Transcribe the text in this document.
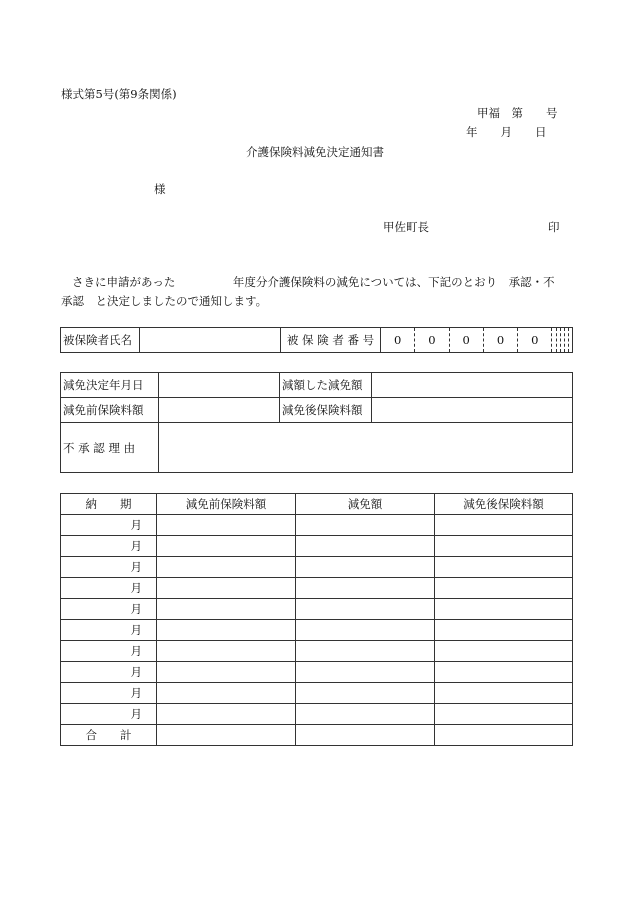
様式第5号(第9条関係)
甲福　第　　号
年　　月　　日
介護保険料減免決定通知書
様
甲佐町長	印
さきに申請があった　　　　　年度分介護保険料の減免については、下記のとおり　承認・不
承認　と決定しましたので通知します。
被保険者氏名		被 保 険 者 番 号	0	0	0	0	0					
減免決定年月日		減額した減免額	
減免前保険料額		減免後保険料額	
不 承 認 理 由			
納　　期	減免前保険料額	減免額	減免後保険料額
月			
月			
月			
月			
月			
月			
月			
月			
月			
月			
合　　計			
